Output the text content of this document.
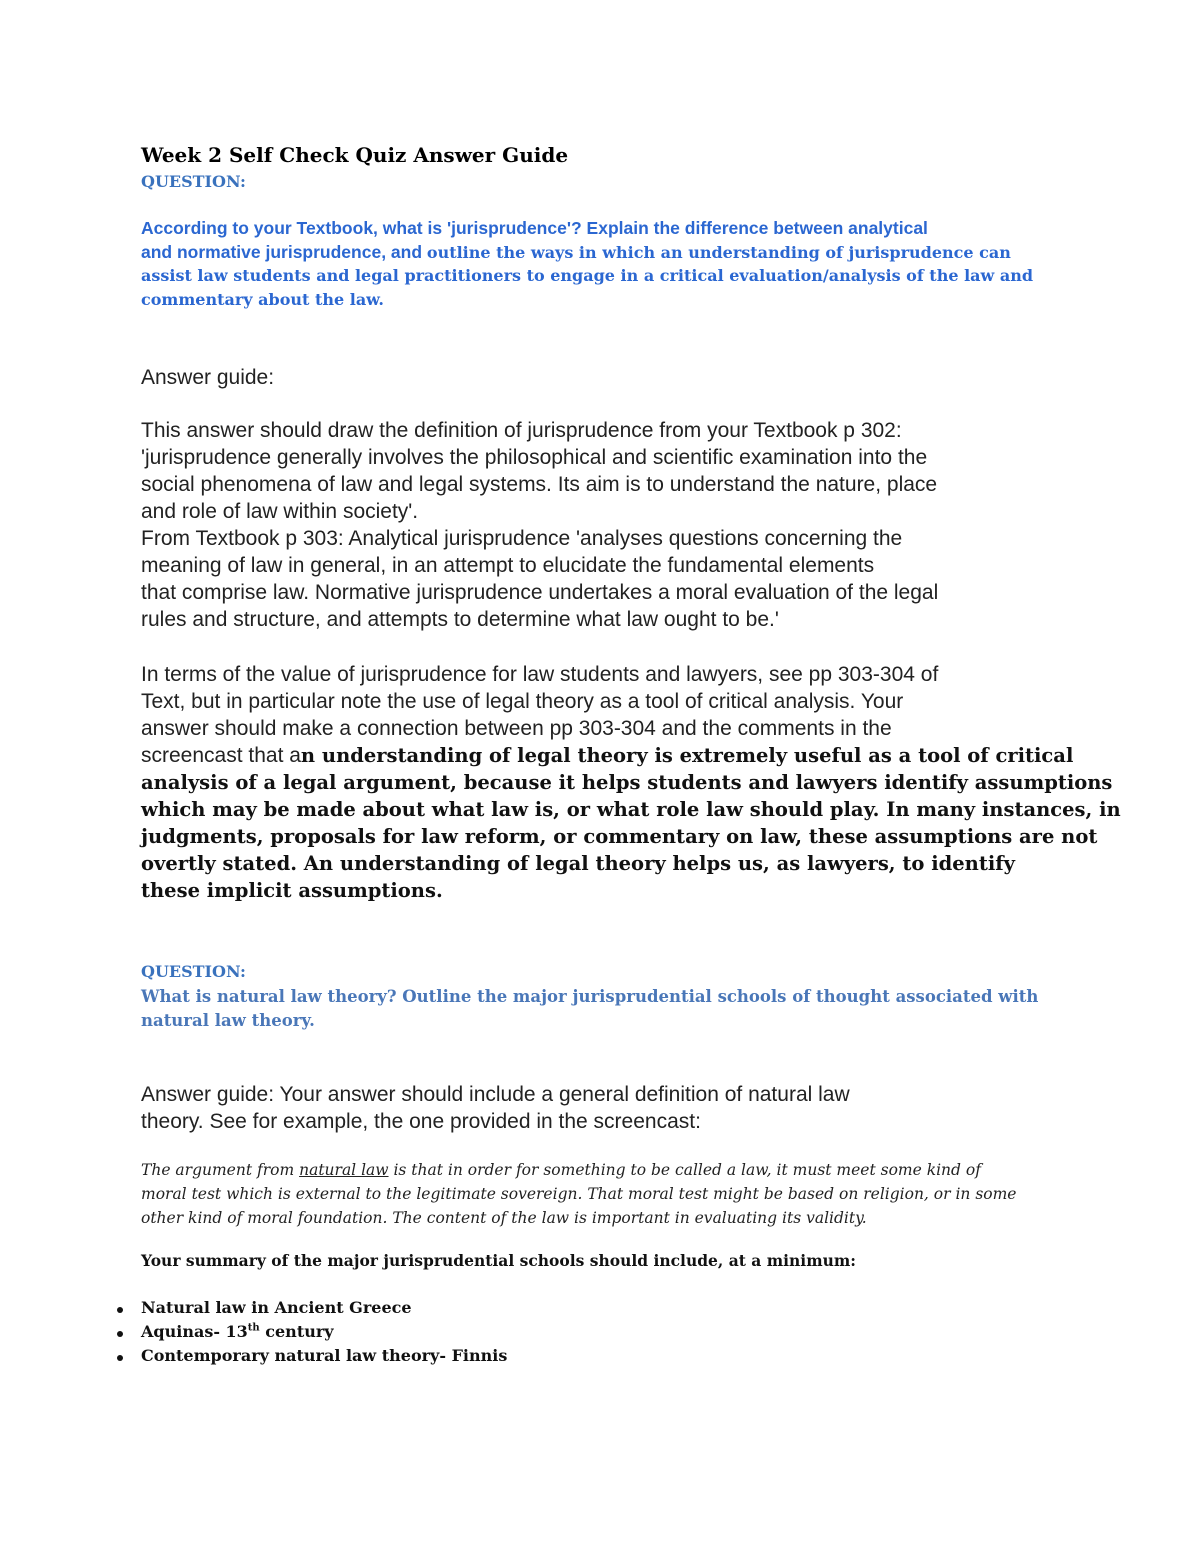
Week 2 Self Check Quiz Answer Guide
QUESTION:
According to your Textbook, what is 'jurisprudence'? Explain the difference between analytical
and normative jurisprudence, and outline the ways in which an understanding of jurisprudence can
assist law students and legal practitioners to engage in a critical evaluation/analysis of the law and
commentary about the law.
Answer guide:
This answer should draw the definition of jurisprudence from your Textbook p 302:
'jurisprudence generally involves the philosophical and scientific examination into the
social phenomena of law and legal systems. Its aim is to understand the nature, place
and role of law within society'.
From Textbook p 303: Analytical jurisprudence 'analyses questions concerning the
meaning of law in general, in an attempt to elucidate the fundamental elements
that comprise law. Normative jurisprudence undertakes a moral evaluation of the legal
rules and structure, and attempts to determine what law ought to be.'
In terms of the value of jurisprudence for law students and lawyers, see pp 303-304 of
Text, but in particular note the use of legal theory as a tool of critical analysis. Your
answer should make a connection between pp 303-304 and the comments in the
screencast that an understanding of legal theory is extremely useful as a tool of critical
analysis of a legal argument, because it helps students and lawyers identify assumptions
which may be made about what law is, or what role law should play. In many instances, in
judgments, proposals for law reform, or commentary on law, these assumptions are not
overtly stated. An understanding of legal theory helps us, as lawyers, to identify
these implicit assumptions.
QUESTION:
What is natural law theory? Outline the major jurisprudential schools of thought associated with
natural law theory.
Answer guide: Your answer should include a general definition of natural law
theory. See for example, the one provided in the screencast:
The argument from natural law is that in order for something to be called a law, it must meet some kind of
moral test which is external to the legitimate sovereign. That moral test might be based on religion, or in some
other kind of moral foundation. The content of the law is important in evaluating its validity.
Your summary of the major jurisprudential schools should include, at a minimum:
Natural law in Ancient Greece
Aquinas- 13th century
Contemporary natural law theory- Finnis
